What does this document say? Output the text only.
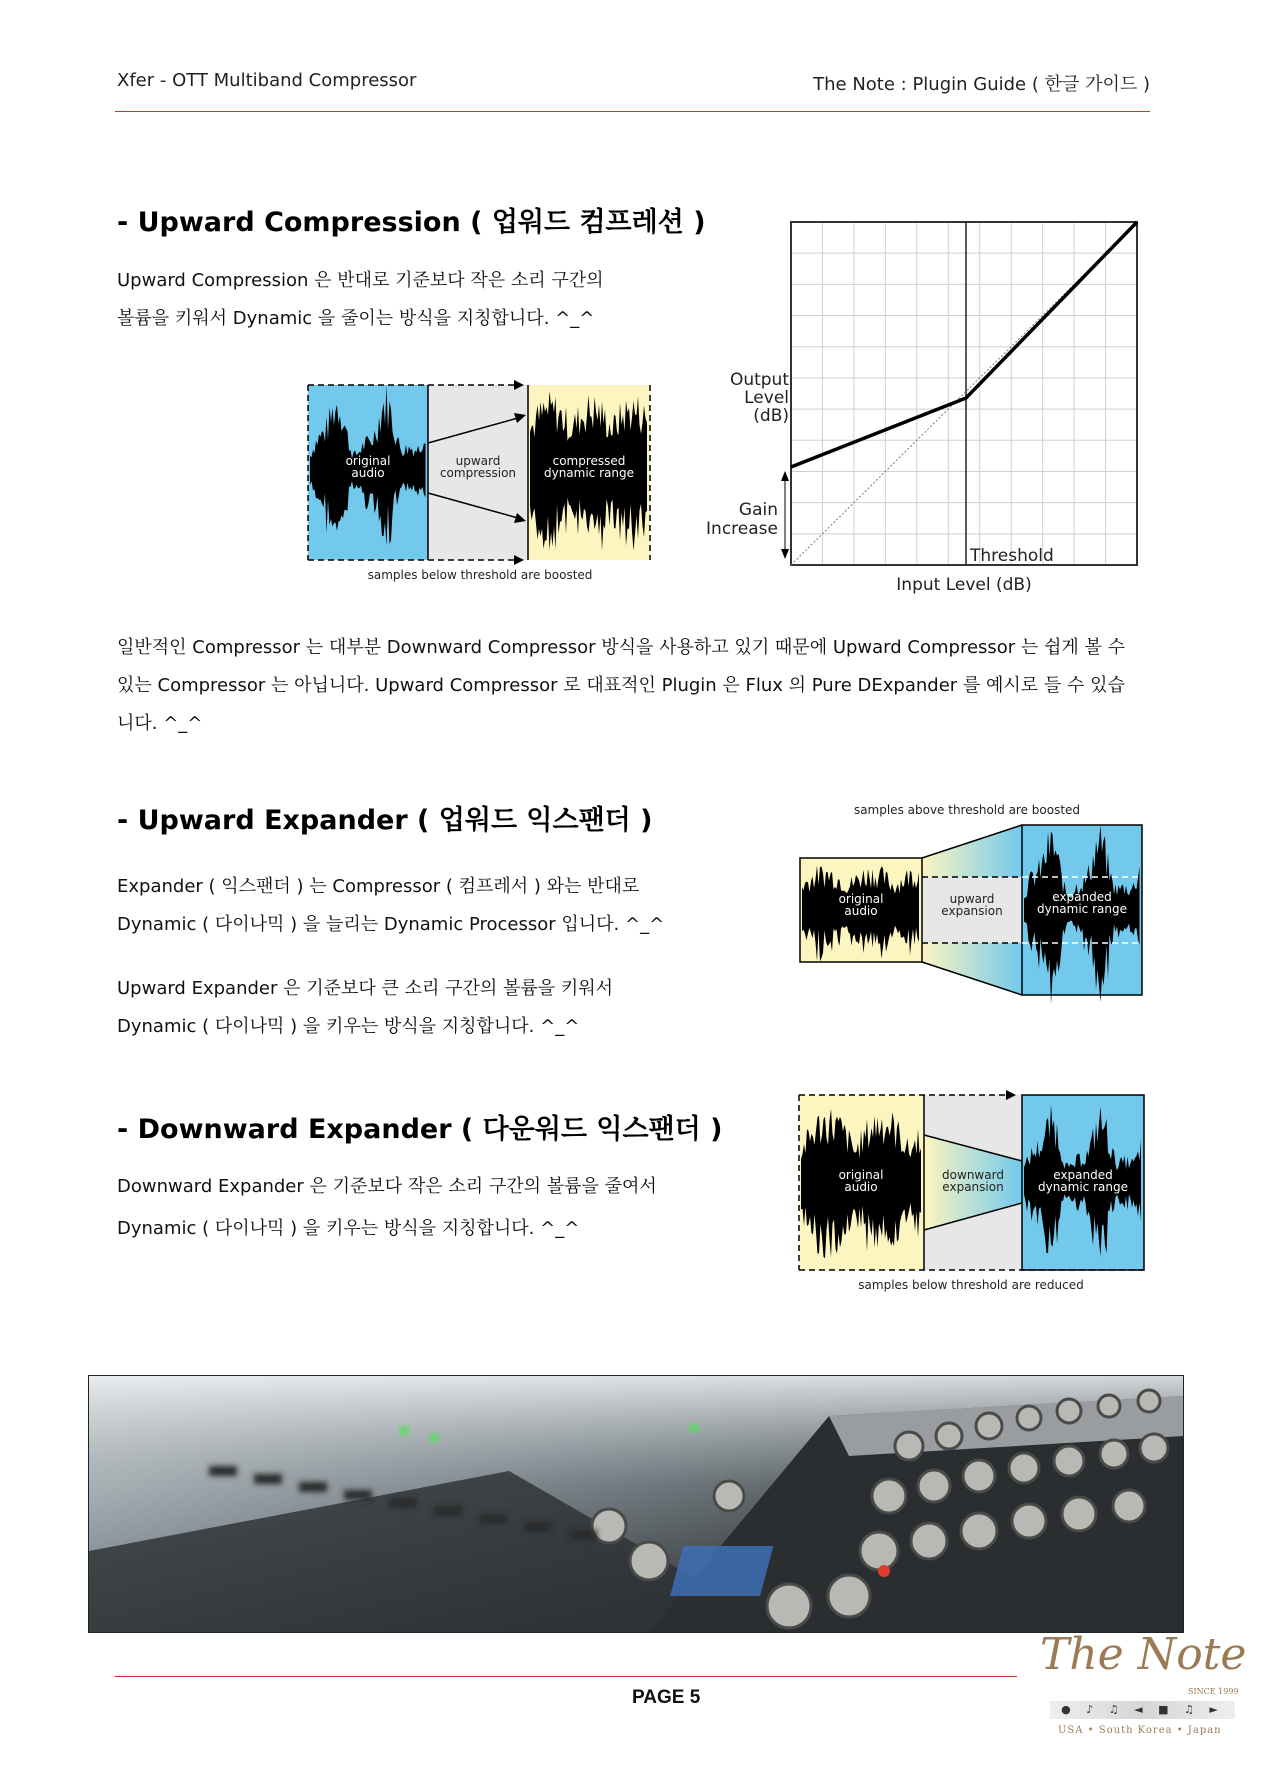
Xfer - OTT Multiband Compressor	The Note : Plugin Guide ( 한글 가이드 )
- Upward Compression ( 업워드 컴프레션 )
Upward Compression 은 반대로 기준보다 작은 소리 구간의
볼륨을 키워서 Dynamic 을 줄이는 방식을 지칭합니다. ^_^
original
audio
upward
compression
compressed
dynamic range
samples below threshold are boosted
Output
Level
(dB)
Gain
Increase
Threshold
Input Level (dB)
일반적인 Compressor 는 대부분 Downward Compressor 방식을 사용하고 있기 때문에 Upward Compressor 는 쉽게 볼 수
있는 Compressor 는 아닙니다. Upward Compressor 로 대표적인 Plugin 은 Flux 의 Pure DExpander 를 예시로 들 수 있습
니다. ^_^
- Upward Expander ( 업워드 익스팬더 )
Expander ( 익스팬더 ) 는 Compressor ( 컴프레서 ) 와는 반대로
Dynamic ( 다이나믹 ) 을 늘리는 Dynamic Processor 입니다. ^_^
Upward Expander 은 기준보다 큰 소리 구간의 볼륨을 키워서
Dynamic ( 다이나믹 ) 을 키우는 방식을 지칭합니다. ^_^
samples above threshold are boosted
original
audio
upward
expansion
expanded
dynamic range
- Downward Expander ( 다운워드 익스팬더 )
Downward Expander 은 기준보다 작은 소리 구간의 볼륨을 줄여서
Dynamic ( 다이나믹 ) 을 키우는 방식을 지칭합니다. ^_^
original
audio
downward
expansion
expanded
dynamic range
samples below threshold are reduced
PAGE 5
The Note
SINCE 1999
● ♪ ♫ ◄ ■ ♫ ►
USA • South Korea • Japan
